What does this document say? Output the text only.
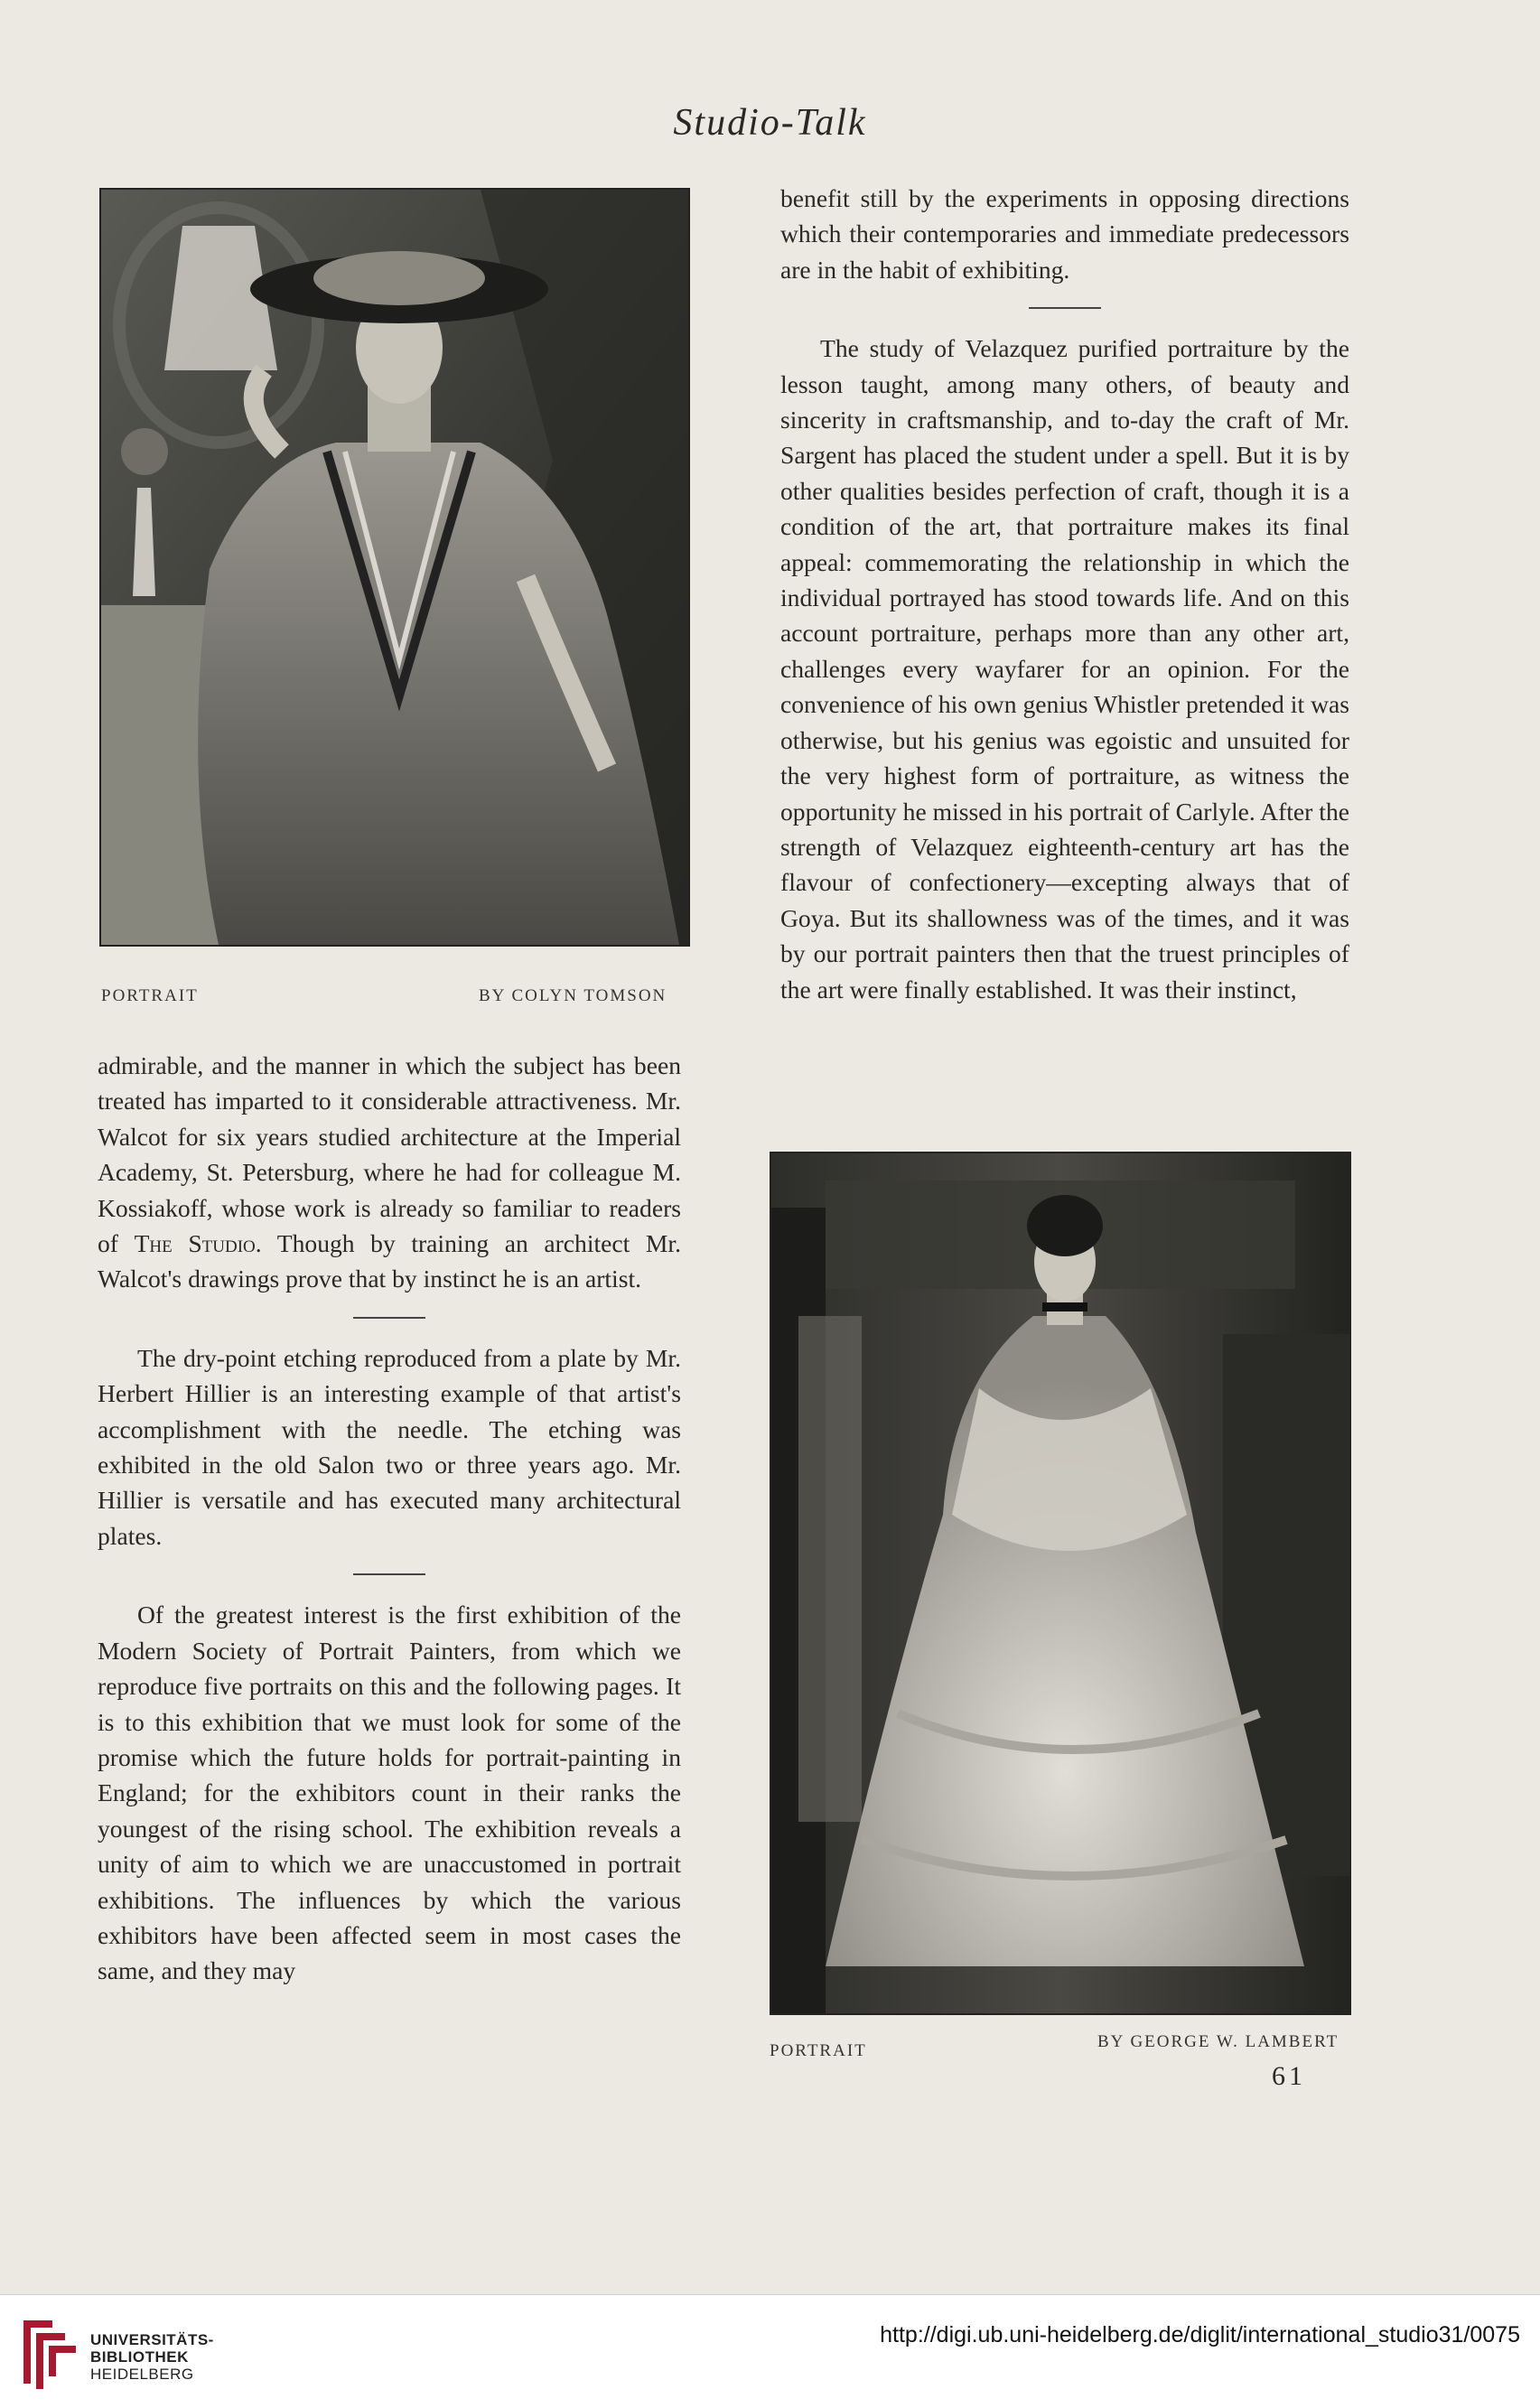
Studio-Talk
PORTRAIT	BY COLYN TOMSON

admirable, and the manner in which the subject has been treated has imparted to it considerable attractiveness. Mr. Walcot for six years studied architecture at the Imperial Academy, St. Petersburg, where he had for colleague M. Kossiakoff, whose work is already so familiar to readers of The Studio. Though by training an architect Mr. Walcot's drawings prove that by instinct he is an artist.

The dry-point etching reproduced from a plate by Mr. Herbert Hillier is an interesting example of that artist's accomplishment with the needle. The etching was exhibited in the old Salon two or three years ago. Mr. Hillier is versatile and has executed many architectural plates.

Of the greatest interest is the first exhibition of the Modern Society of Portrait Painters, from which we reproduce five portraits on this and the following pages. It is to this exhibition that we must look for some of the promise which the future holds for portrait-painting in England; for the exhibitors count in their ranks the youngest of the rising school. The exhibition reveals a unity of aim to which we are unaccustomed in portrait exhibitions. The influences by which the various exhibitors have been affected seem in most cases the same, and they may

benefit still by the experiments in opposing directions which their contemporaries and immediate predecessors are in the habit of exhibiting.

The study of Velazquez purified portraiture by the lesson taught, among many others, of beauty and sincerity in craftsmanship, and to-day the craft of Mr. Sargent has placed the student under a spell. But it is by other qualities besides perfection of craft, though it is a condition of the art, that portraiture makes its final appeal: commemorating the relationship in which the individual portrayed has stood towards life. And on this account portraiture, perhaps more than any other art, challenges every wayfarer for an opinion. For the convenience of his own genius Whistler pretended it was otherwise, but his genius was egoistic and unsuited for the very highest form of portraiture, as witness the opportunity he missed in his portrait of Carlyle. After the strength of Velazquez eighteenth-century art has the flavour of confectionery—excepting always that of Goya. But its shallowness was of the times, and it was by our portrait painters then that the truest principles of the art were finally established. It was their instinct,

PORTRAIT	BY GEORGE W. LAMBERT
61
UNIVERSITÄTS-
BIBLIOTHEK
HEIDELBERG
http://digi.ub.uni-heidelberg.de/diglit/international_studio31/0075
